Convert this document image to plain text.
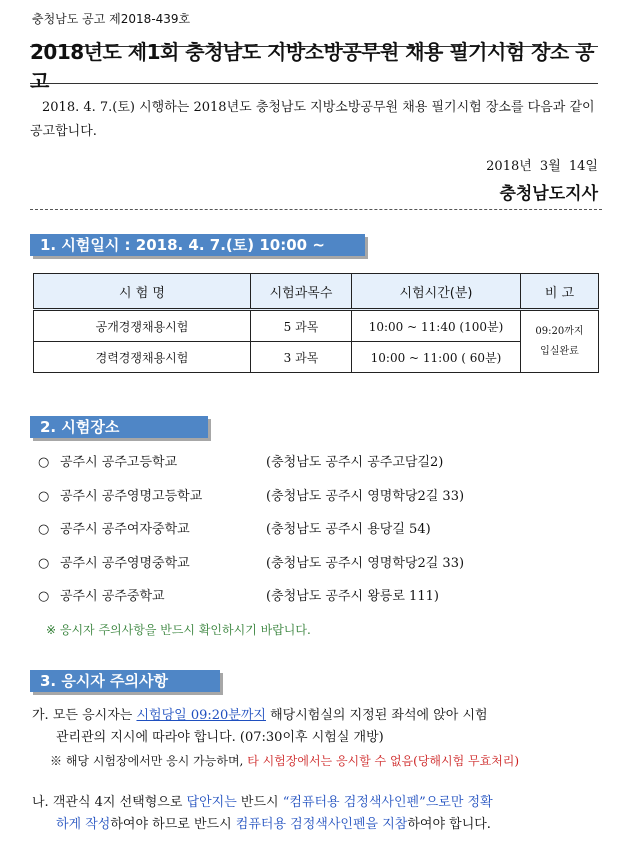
충청남도 공고 제2018-439호
2018년도 제1회 충청남도 지방소방공무원 채용 필기시험 장소 공고
2018. 4. 7.(토) 시행하는 2018년도 충청남도 지방소방공무원 채용 필기시험 장소를 다음과 같이 공고합니다.
2018년 3월 14일
충청남도지사
1. 시험일시 : 2018. 4. 7.(토) 10:00 ~
시 험 명	시험과목수	시험시간(분)	비 고
공개경쟁채용시험	5 과목	10:00 ~ 11:40 (100분)	09:20까지
입실완료
경력경쟁채용시험	3 과목	10:00 ~ 11:00 ( 60분)	
2. 시험장소
○ 공주시 공주고등학교	(충청남도 공주시 공주고담길2)
○ 공주시 공주영명고등학교	(충청남도 공주시 영명학당2길 33)
○ 공주시 공주여자중학교	(충청남도 공주시 용당길 54)
○ 공주시 공주영명중학교	(충청남도 공주시 영명학당2길 33)
○ 공주시 공주중학교	(충청남도 공주시 왕릉로 111)
※ 응시자 주의사항을 반드시 확인하시기 바랍니다.
3. 응시자 주의사항
가. 모든 응시자는 시험당일 09:20분까지 해당시험실의 지정된 좌석에 앉아 시험
관리관의 지시에 따라야 합니다. (07:30이후 시험실 개방)
※ 해당 시험장에서만 응시 가능하며, 타 시험장에서는 응시할 수 없음(당해시험 무효처리)
나. 객관식 4지 선택형으로 답안지는 반드시 “컴퓨터용 검정색사인펜”으로만 정확
하게 작성하여야 하므로 반드시 컴퓨터용 검정색사인펜을 지참하여야 합니다.
